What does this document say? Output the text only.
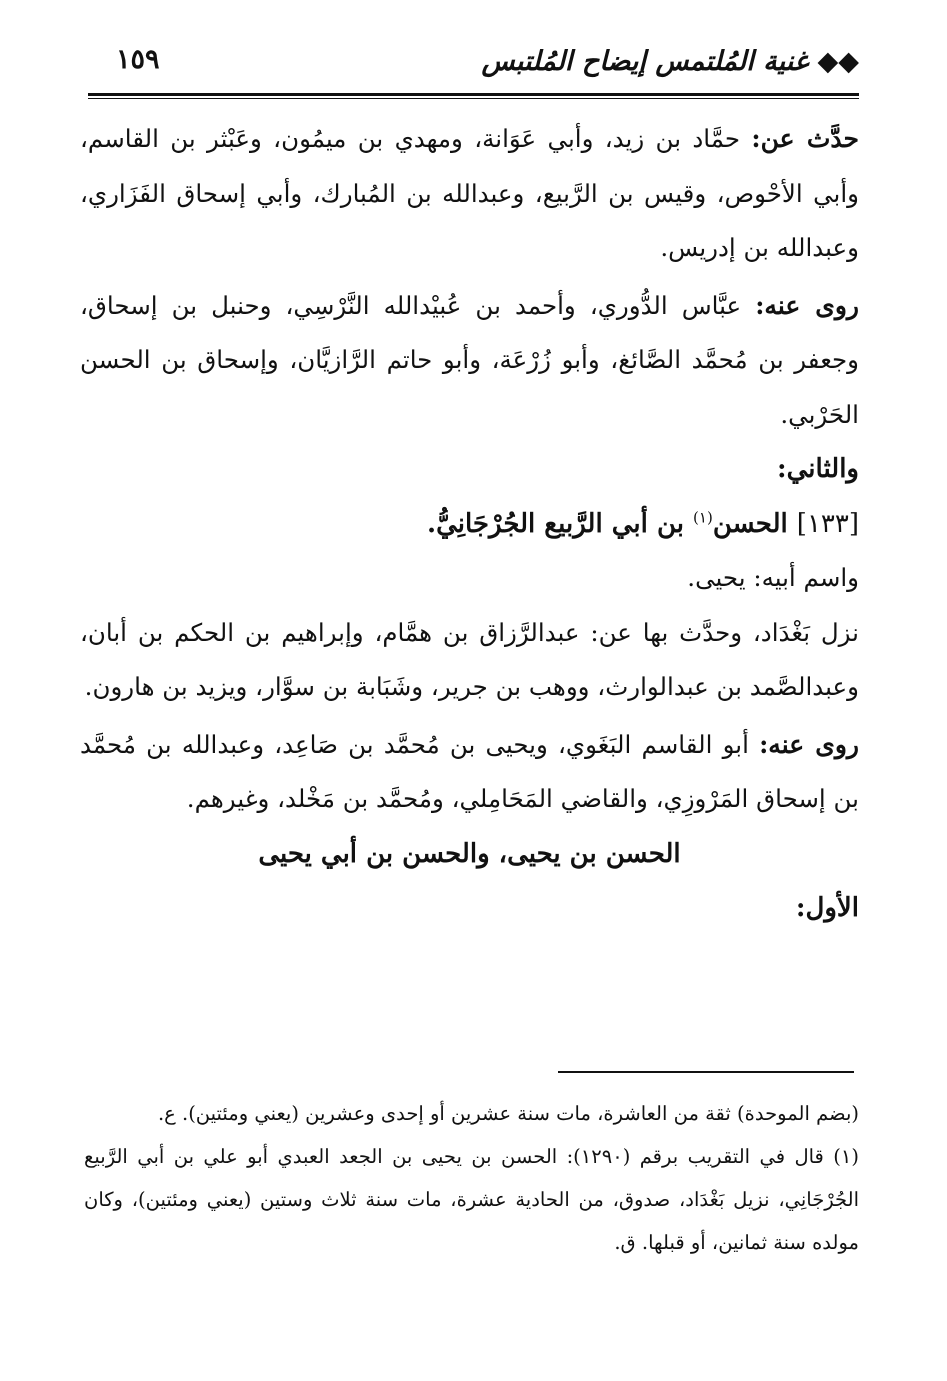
◆◆ غنية المُلتمس إيضاح المُلتبس
١٥٩

حدَّث عن: حمَّاد بن زيد، وأبي عَوَانة، ومهدي بن ميمُون، وعَبْثر بن القاسم، وأبي الأحْوص، وقيس بن الرَّبيع، وعبدالله بن المُبارك، وأبي إسحاق الفَزَاري، وعبدالله بن إدريس.

روى عنه: عبَّاس الدُّوري، وأحمد بن عُبيْدالله النَّرْسِي، وحنبل بن إسحاق، وجعفر بن مُحمَّد الصَّائغ، وأبو زُرْعَة، وأبو حاتم الرَّازيَّان، وإسحاق بن الحسن الحَرْبي.

والثاني:

[١٣٣] الحسن$^{(١)}$ بن أبي الرَّبيع الجُرْجَانِيُّ.

واسم أبيه: يحيى.

نزل بَغْدَاد، وحدَّث بها عن: عبدالرَّزاق بن همَّام، وإبراهيم بن الحكم بن أبان، وعبدالصَّمد بن عبدالوارث، ووهب بن جرير، وشَبَابة بن سوَّار، ويزيد بن هارون.

روى عنه: أبو القاسم البَغَوي، ويحيى بن مُحمَّد بن صَاعِد، وعبدالله بن مُحمَّد بن إسحاق المَرْوزِي، والقاضي المَحَامِلي، ومُحمَّد بن مَخْلد، وغيرهم.

الحسن بن يحيى، والحسن بن أبي يحيى

الأول:

(بضم الموحدة) ثقة من العاشرة، مات سنة عشرين أو إحدى وعشرين (يعني ومئتين). ع.

(١) قال في التقريب برقم (١٢٩٠): الحسن بن يحيى بن الجعد العبدي أبو علي بن أبي الرَّبيع الجُرْجَانِي، نزيل بَغْدَاد، صدوق، من الحادية عشرة، مات سنة ثلاث وستين (يعني ومئتين)، وكان مولده سنة ثمانين، أو قبلها. ق.
